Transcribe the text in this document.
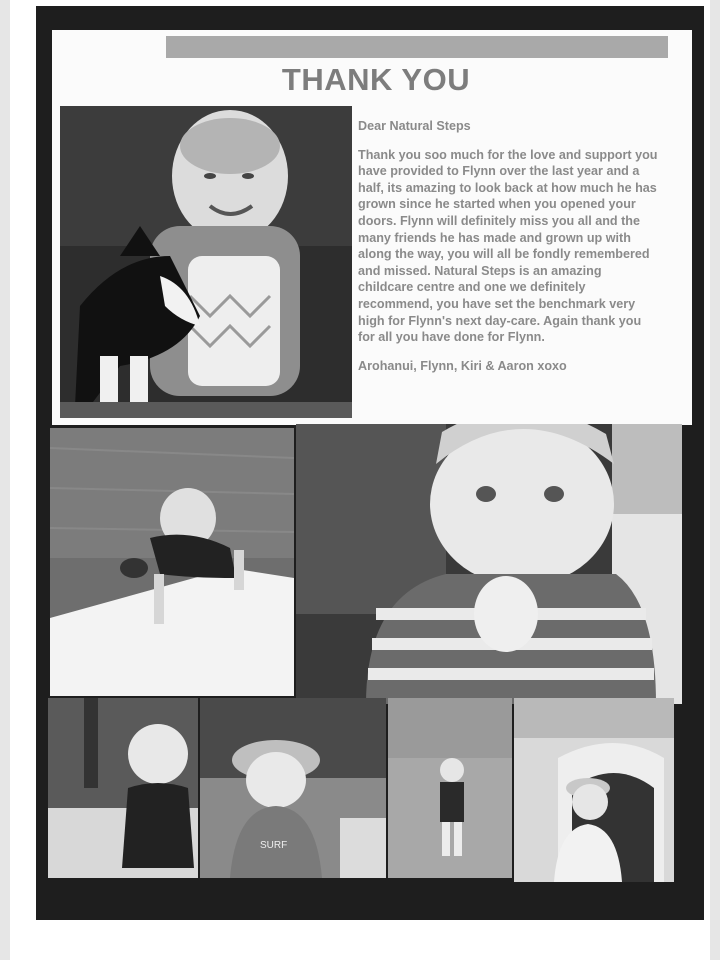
THANK YOU

Dear Natural Steps

Thank you soo much for the love and support you have provided to Flynn over the last year and a half, its amazing to look back at how much he has grown since he started when you opened your doors. Flynn will definitely miss you all and the many friends he has made and grown up with along the way, you will all be fondly remembered and missed. Natural Steps is an amazing childcare centre and one we definitely recommend, you have set the benchmark very high for Flynn's next day-care. Again thank you for all you have done for Flynn.

Arohanui, Flynn, Kiri & Aaron xoxo

SURF
